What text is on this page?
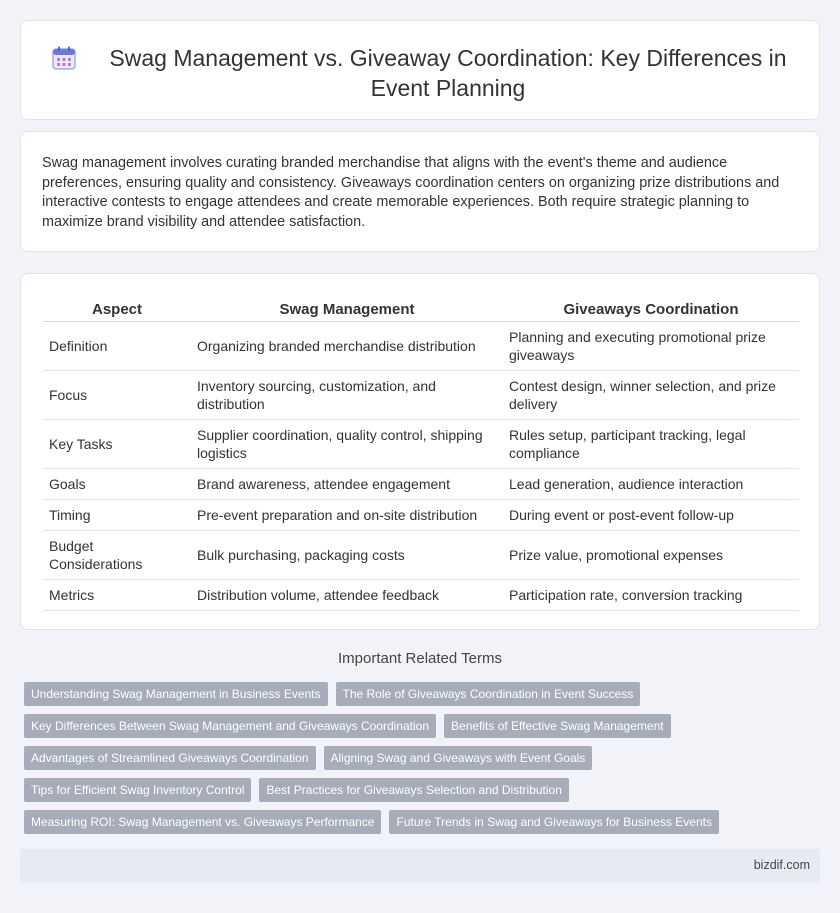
Swag Management vs. Giveaway Coordination: Key Differences in Event Planning

Swag management involves curating branded merchandise that aligns with the event's theme and audience preferences, ensuring quality and consistency. Giveaways coordination centers on organizing prize distributions and interactive contests to engage attendees and create memorable experiences. Both require strategic planning to maximize brand visibility and attendee satisfaction.

Aspect	Swag Management	Giveaways Coordination
Definition	Organizing branded merchandise distribution	Planning and executing promotional prize giveaways
Focus	Inventory sourcing, customization, and distribution	Contest design, winner selection, and prize delivery
Key Tasks	Supplier coordination, quality control, shipping logistics	Rules setup, participant tracking, legal compliance
Goals	Brand awareness, attendee engagement	Lead generation, audience interaction
Timing	Pre-event preparation and on-site distribution	During event or post-event follow-up
Budget Considerations	Bulk purchasing, packaging costs	Prize value, promotional expenses
Metrics	Distribution volume, attendee feedback	Participation rate, conversion tracking
Important Related Terms
Understanding Swag Management in Business Events	The Role of Giveaways Coordination in Event Success
Key Differences Between Swag Management and Giveaways Coordination	Benefits of Effective Swag Management
Advantages of Streamlined Giveaways Coordination	Aligning Swag and Giveaways with Event Goals
Tips for Efficient Swag Inventory Control	Best Practices for Giveaways Selection and Distribution
Measuring ROI: Swag Management vs. Giveaways Performance	Future Trends in Swag and Giveaways for Business Events
bizdif.com
